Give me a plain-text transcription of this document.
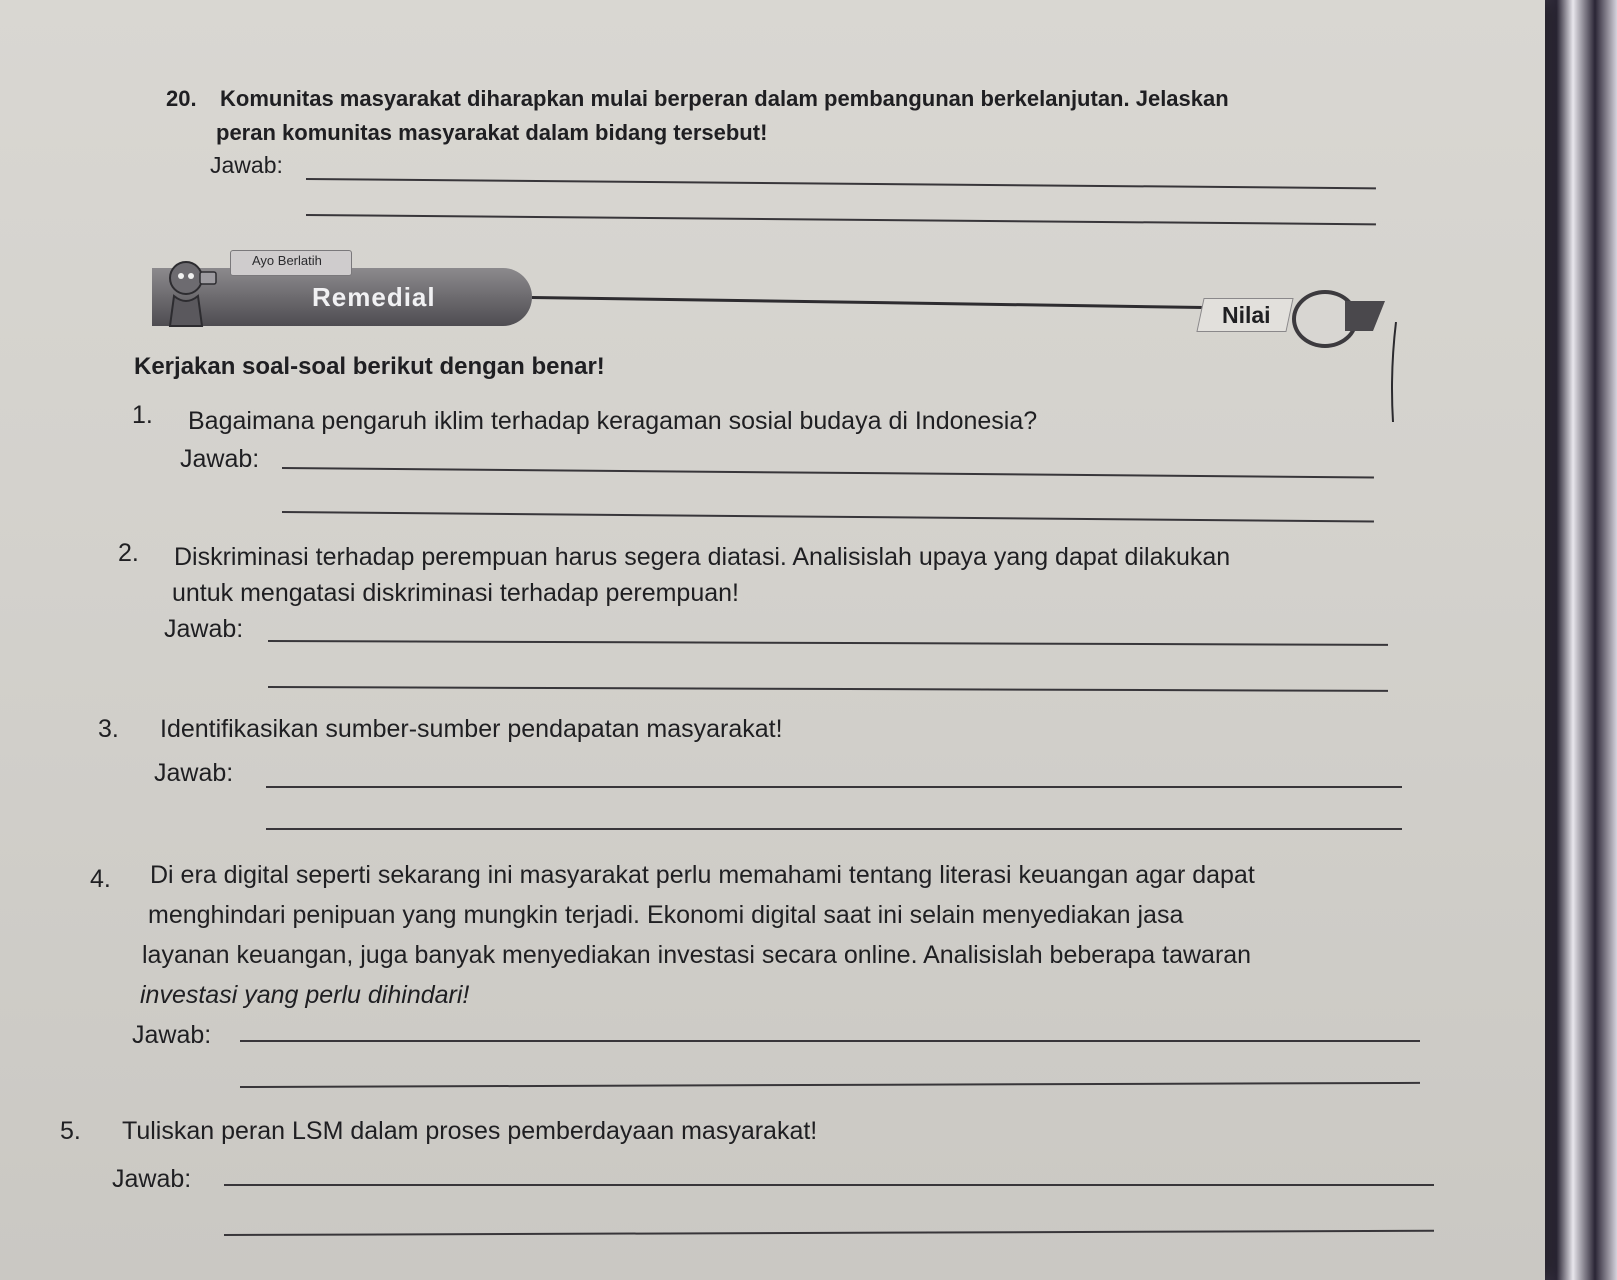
20. Komunitas masyarakat diharapkan mulai berperan dalam pembangunan berkelanjutan. Jelaskan
peran komunitas masyarakat dalam bidang tersebut!
Jawab:
Ayo Berlatih
Remedial
Nilai
Kerjakan soal-soal berikut dengan benar!
1. Bagaimana pengaruh iklim terhadap keragaman sosial budaya di Indonesia?
Jawab:
2. Diskriminasi terhadap perempuan harus segera diatasi. Analisislah upaya yang dapat dilakukan
untuk mengatasi diskriminasi terhadap perempuan!
Jawab:
3. Identifikasikan sumber-sumber pendapatan masyarakat!
Jawab:
4. Di era digital seperti sekarang ini masyarakat perlu memahami tentang literasi keuangan agar dapat
menghindari penipuan yang mungkin terjadi. Ekonomi digital saat ini selain menyediakan jasa
layanan keuangan, juga banyak menyediakan investasi secara online. Analisislah beberapa tawaran
investasi yang perlu dihindari!
Jawab:
5. Tuliskan peran LSM dalam proses pemberdayaan masyarakat!
Jawab:
